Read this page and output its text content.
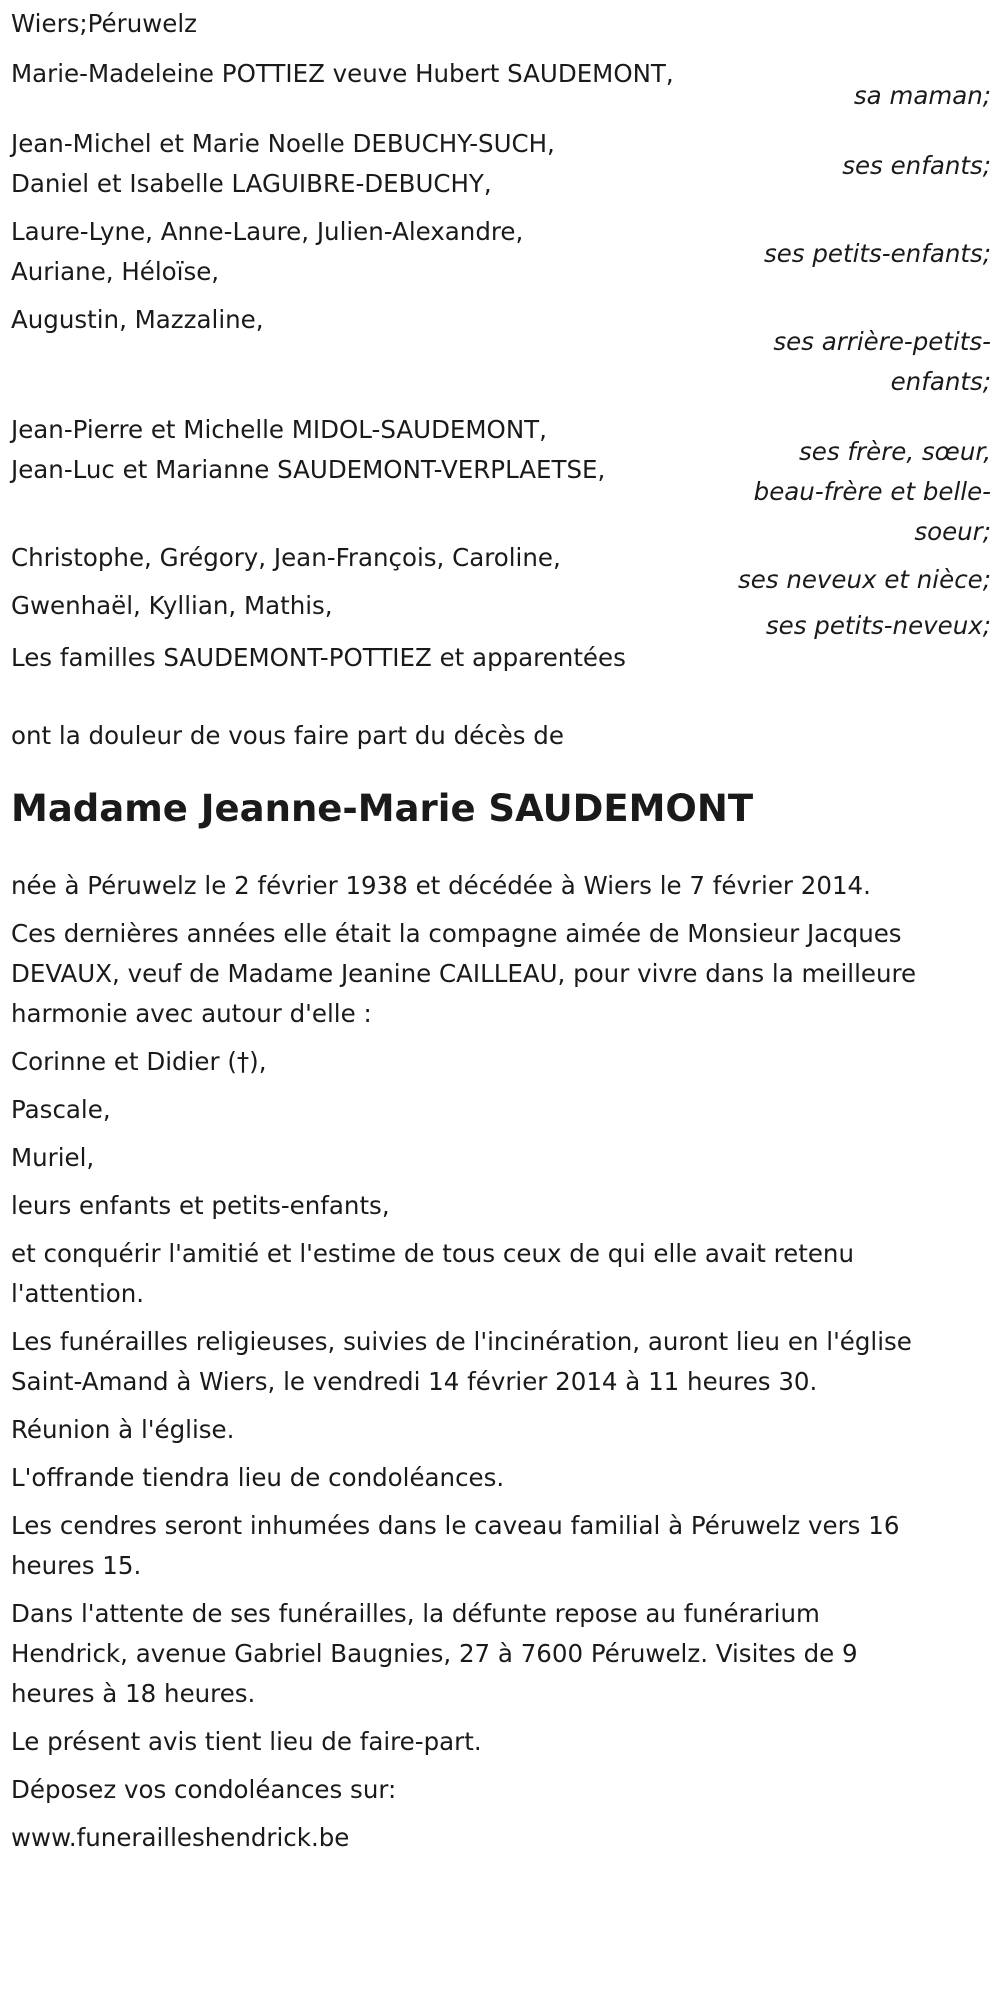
Wiers;Péruwelz
Marie-Madeleine POTTIEZ veuve Hubert SAUDEMONT,
sa maman;
Jean-Michel et Marie Noelle DEBUCHY-SUCH,
Daniel et Isabelle LAGUIBRE-DEBUCHY,
ses enfants;
Laure-Lyne, Anne-Laure, Julien-Alexandre,
Auriane, Héloïse,
ses petits-enfants;
Augustin, Mazzaline,
ses arrière-petits-
enfants;
Jean-Pierre et Michelle MIDOL-SAUDEMONT,
Jean-Luc et Marianne SAUDEMONT-VERPLAETSE,
ses frère, sœur,
beau-frère et belle-
soeur;
Christophe, Grégory, Jean-François, Caroline,
ses neveux et nièce;
Gwenhaël, Kyllian, Mathis,
ses petits-neveux;
Les familles SAUDEMONT-POTTIEZ et apparentées
ont la douleur de vous faire part du décès de
Madame Jeanne-Marie SAUDEMONT
née à Péruwelz le 2 février 1938 et décédée à Wiers le 7 février 2014.
Ces dernières années elle était la compagne aimée de Monsieur Jacques
DEVAUX, veuf de Madame Jeanine CAILLEAU, pour vivre dans la meilleure
harmonie avec autour d'elle :
Corinne et Didier (†),
Pascale,
Muriel,
leurs enfants et petits-enfants,
et conquérir l'amitié et l'estime de tous ceux de qui elle avait retenu
l'attention.
Les funérailles religieuses, suivies de l'incinération, auront lieu en l'église
Saint-Amand à Wiers, le vendredi 14 février 2014 à 11 heures 30.
Réunion à l'église.
L'offrande tiendra lieu de condoléances.
Les cendres seront inhumées dans le caveau familial à Péruwelz vers 16
heures 15.
Dans l'attente de ses funérailles, la défunte repose au funérarium
Hendrick, avenue Gabriel Baugnies, 27 à 7600 Péruwelz. Visites de 9
heures à 18 heures.
Le présent avis tient lieu de faire-part.
Déposez vos condoléances sur:
www.funerailleshendrick.be
